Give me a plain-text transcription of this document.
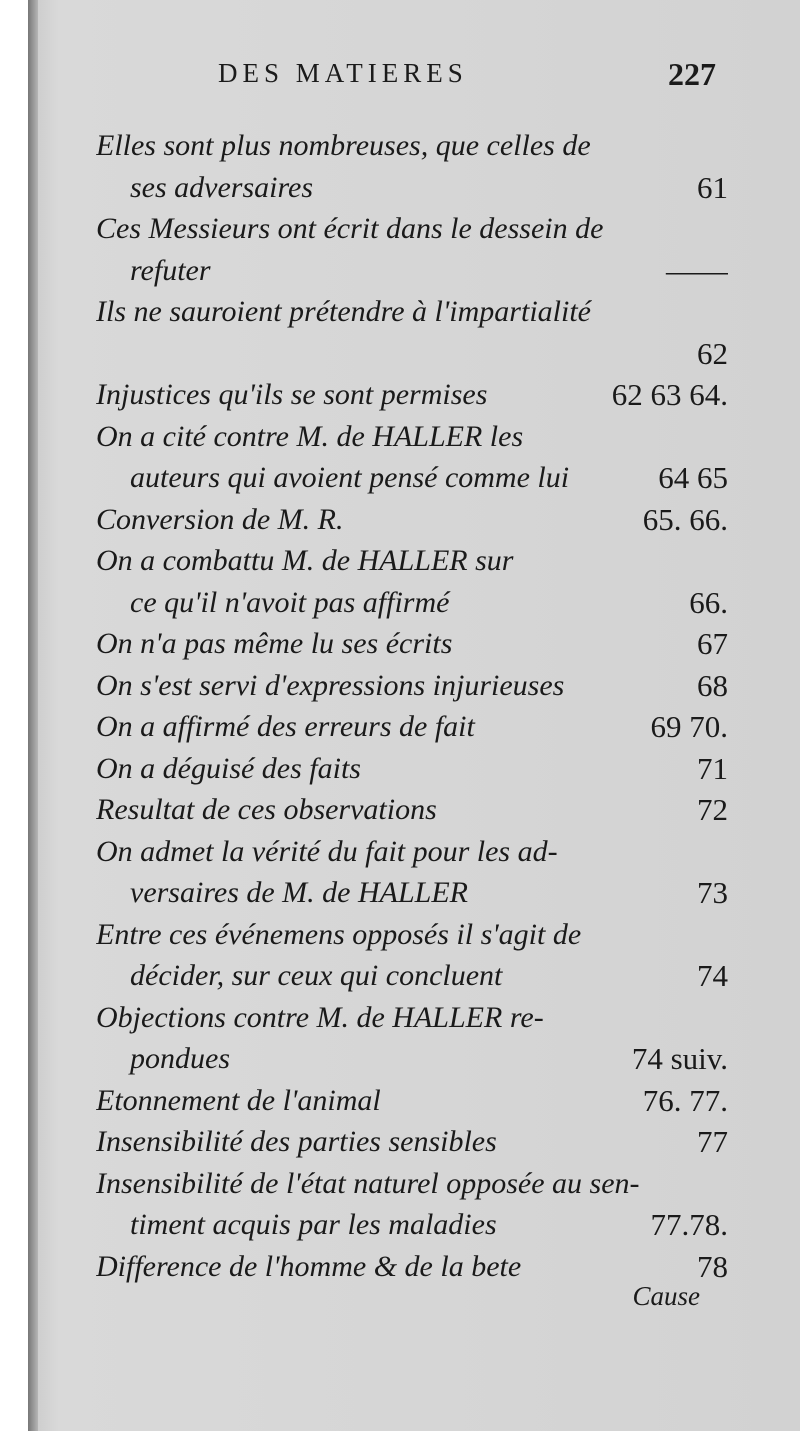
DES MATIERES	227
Elles sont plus nombreuses, que celles de
ses adversaires	61
Ces Messieurs ont écrit dans le dessein de
refuter	——
Ils ne sauroient prétendre à l'impartialité
62
Injustices qu'ils se sont permises	62 63 64.
On a cité contre M. de HALLER les
auteurs qui avoient pensé comme lui	64 65
Conversion de M. R.	65. 66.
On a combattu M. de HALLER sur
ce qu'il n'avoit pas affirmé	66.
On n'a pas même lu ses écrits	67
On s'est servi d'expressions injurieuses	68
On a affirmé des erreurs de fait	69 70.
On a déguisé des faits	71
Resultat de ces observations	72
On admet la vérité du fait pour les ad-
versaires de M. de HALLER	73
Entre ces événemens opposés il s'agit de
décider, sur ceux qui concluent	74
Objections contre M. de HALLER re-
pondues	74 suiv.
Etonnement de l'animal	76. 77.
Insensibilité des parties sensibles	77
Insensibilité de l'état naturel opposée au sen-
timent acquis par les maladies	77.78.
Difference de l'homme & de la bete	78
Cause
